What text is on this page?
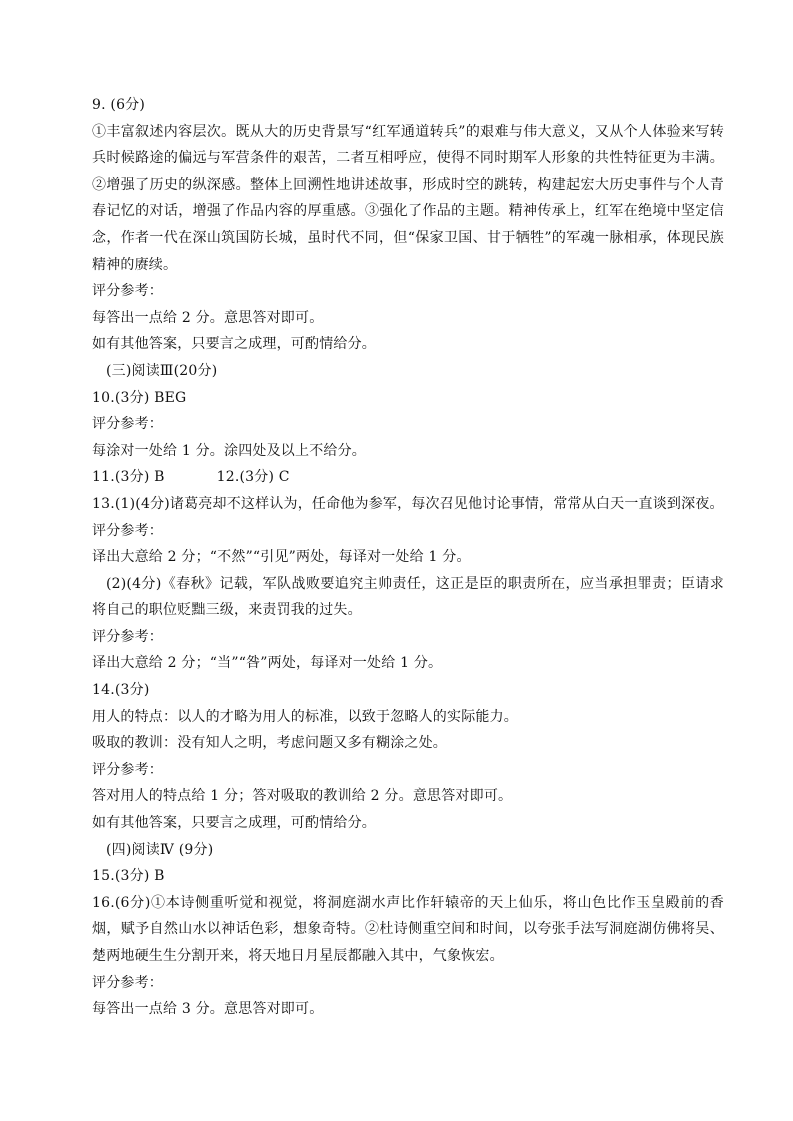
9. (6分)

①丰富叙述内容层次。既从大的历史背景写“红军通道转兵”的艰难与伟大意义，又从个人体验来写转兵时候路途的偏远与军营条件的艰苦，二者互相呼应，使得不同时期军人形象的共性特征更为丰满。②增强了历史的纵深感。整体上回溯性地讲述故事，形成时空的跳转，构建起宏大历史事件与个人青春记忆的对话，增强了作品内容的厚重感。③强化了作品的主题。精神传承上，红军在绝境中坚定信念，作者一代在深山筑国防长城，虽时代不同，但“保家卫国、甘于牺牲”的军魂一脉相承，体现民族精神的赓续。

评分参考：
每答出一点给 2 分。意思答对即可。
如有其他答案，只要言之成理，可酌情给分。
(三)阅读Ⅲ(20分)
10.(3分) BEG
评分参考：
每涂对一处给 1 分。涂四处及以上不给分。
11.(3分) B	12.(3分) C
13.(1)(4分)诸葛亮却不这样认为，任命他为参军，每次召见他讨论事情，常常从白天一直谈到深夜。
评分参考：
译出大意给 2 分；“不然”“引见”两处，每译对一处给 1 分。

(2)(4分)《春秋》记载，军队战败要追究主帅责任，这正是臣的职责所在，应当承担罪责；臣请求将自己的职位贬黜三级，来责罚我的过失。

评分参考：
译出大意给 2 分；“当”“咎”两处，每译对一处给 1 分。
14.(3分)
用人的特点：以人的才略为用人的标准，以致于忽略人的实际能力。
吸取的教训：没有知人之明，考虑问题又多有糊涂之处。
评分参考：
答对用人的特点给 1 分；答对吸取的教训给 2 分。意思答对即可。
如有其他答案，只要言之成理，可酌情给分。
(四)阅读Ⅳ (9分)
15.(3分) B

16.(6分)①本诗侧重听觉和视觉，将洞庭湖水声比作轩辕帝的天上仙乐，将山色比作玉皇殿前的香烟，赋予自然山水以神话色彩，想象奇特。②杜诗侧重空间和时间，以夸张手法写洞庭湖仿佛将吴、楚两地硬生生分割开来，将天地日月星辰都融入其中，气象恢宏。

评分参考：
每答出一点给 3 分。意思答对即可。
